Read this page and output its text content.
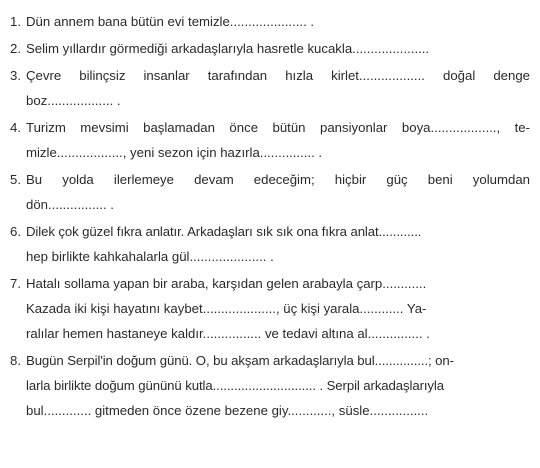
1. Dün annem bana bütün evi temizle..................... .
2. Selim yıllardır görmediği arkadaşlarıyla hasretle kucakla.....................
3. Çevre bilinçsiz insanlar tarafından hızla kirlet.................. doğal denge
boz.................. .
4. Turizm mevsimi başlamadan önce bütün pansiyonlar boya.................., te-
mizle.................., yeni sezon için hazırla............... .
5. Bu yolda ilerlemeye devam edeceğim; hiçbir güç beni yolumdan
dön................ .
6. Dilek çok güzel fıkra anlatır. Arkadaşları sık sık ona fıkra anlat............
hep birlikte kahkahalarla gül..................... .
7. Hatalı sollama yapan bir araba, karşıdan gelen arabayla çarp............
Kazada iki kişi hayatını kaybet...................., üç kişi yarala............ Ya-
ralılar hemen hastaneye kaldır................ ve tedavi altına al............... .
8. Bugün Serpil'in doğum günü. O, bu akşam arkadaşlarıyla bul...............; on-
larla birlikte doğum gününü kutla............................. . Serpil arkadaşlarıyla
bul............. gitmeden önce özene bezene giy............, süsle................
